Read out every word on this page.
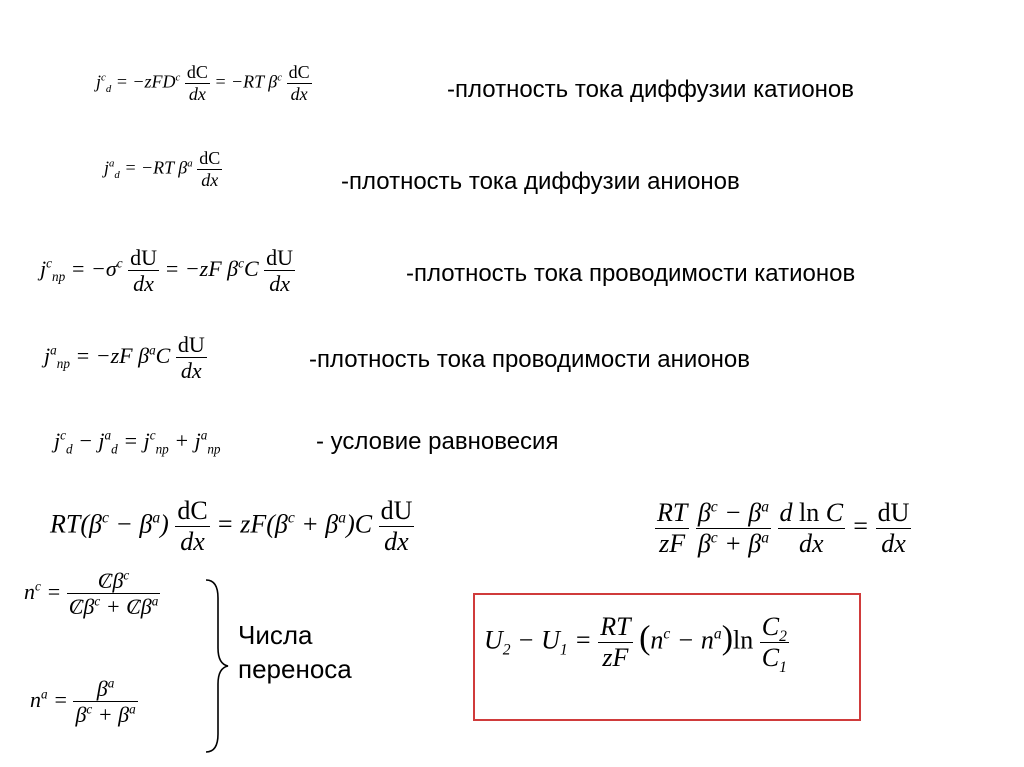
$j^c_d = -zFD^c \frac{dC}{dx} = -RT$ $\beta^c \frac{dC}{dx}$	-плотность тока диффузии катионов
$j^a_d = -RT$ $\beta^a \frac{dC}{dx}$	-плотность тока диффузии анионов
$j^c_{np} = -\sigma^c \frac{dU}{dx} = -zF$ $\beta^cC \frac{dU}{dx}$	-плотность тока проводимости катионов
$j^a_{np} = -zF$ $\beta^aC \frac{dU}{dx}$	-плотность тока проводимости анионов
$j^c_d - j^a_d = j^c_{np} + j^a_{np}$	- условие равновесия
$RT(\beta^c - \beta^a) \frac{dC}{dx} = zF(\beta^c + \beta^a)C \frac{dU}{dx}$	$\frac{RT}{zF}$
$\frac{\beta^c - \beta^a}{\beta^c + \beta^a}$
$\frac{\text{d ln C}}{dx} = \frac{dU}{dx}$
$n^c = \frac{C\beta^c}{C\beta^c + C\beta^a}$
$n^a = \frac{\beta^a}{\beta^c + \beta^a}$
Числа переноса
$U_2 - U_1 = \frac{RT}{zF} (n^c - n^a)\ln \frac{C_2}{C_1}$
